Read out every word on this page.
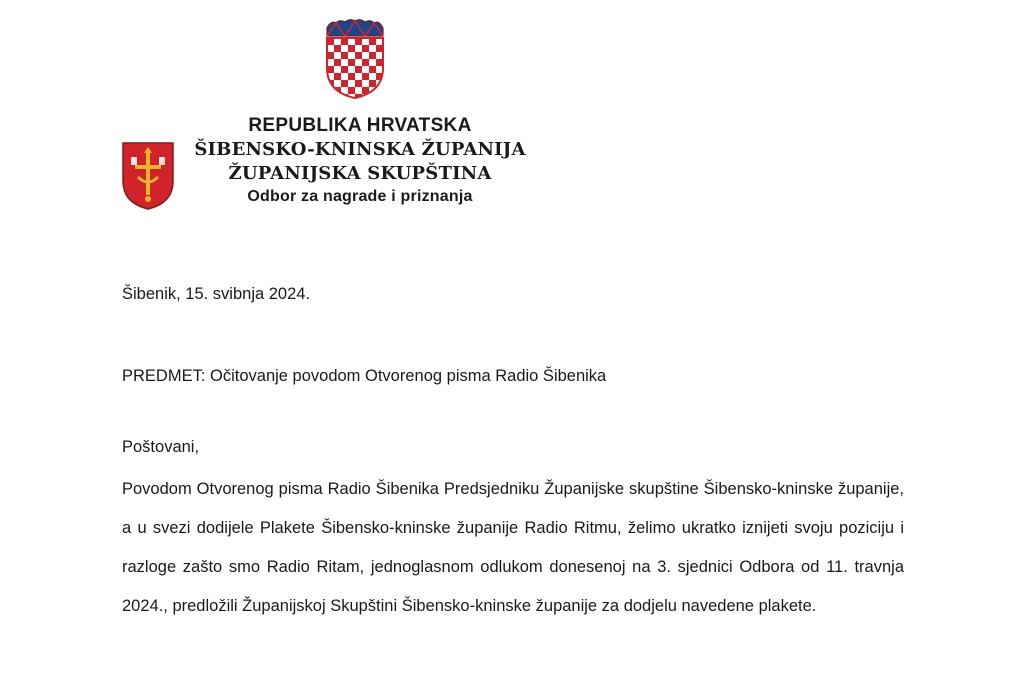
REPUBLIKA HRVATSKA
ŠIBENSKO-KNINSKA ŽUPANIJA
ŽUPANIJSKA SKUPŠTINA
Odbor za nagrade i priznanja
Šibenik, 15. svibnja 2024.
PREDMET: Očitovanje povodom Otvorenog pisma Radio Šibenika
Poštovani,
Povodom Otvorenog pisma Radio Šibenika Predsjedniku Županijske skupštine Šibensko-kninske županije, a u svezi dodijele Plakete Šibensko-kninske županije Radio Ritmu, želimo ukratko iznijeti svoju poziciju i razloge zašto smo Radio Ritam, jednoglasnom odlukom donesenoj na 3. sjednici Odbora od 11. travnja 2024., predložili Županijskoj Skupštini Šibensko-kninske županije za dodjelu navedene plakete.
